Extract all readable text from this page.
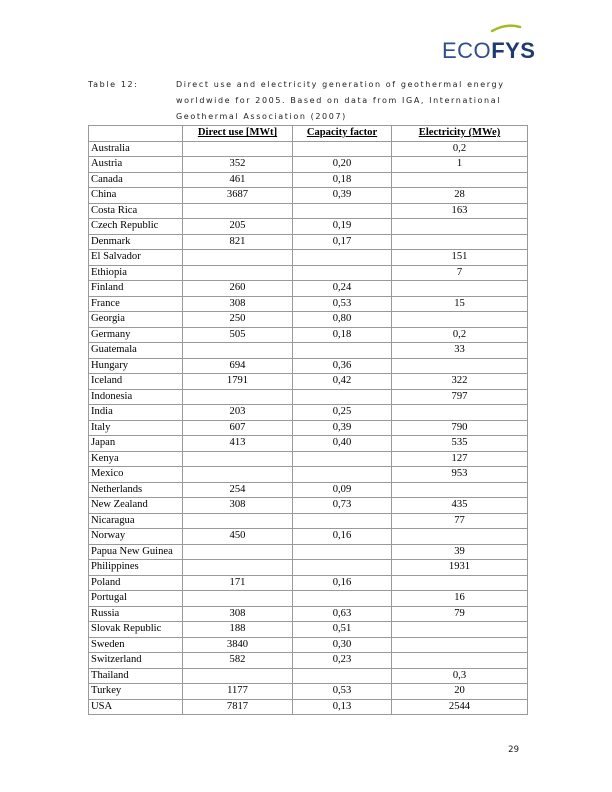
ECOFYS
Table 12:	Direct use and electricity generation of geothermal energy worldwide for 2005. Based on data from IGA, International Geothermal Association (2007)
	Direct use [MWt]	Capacity factor	Electricity (MWe)
Australia			0,2
Austria	352	0,20	1
Canada	461	0,18	
China	3687	0,39	28
Costa Rica			163
Czech Republic	205	0,19	
Denmark	821	0,17	
El Salvador			151
Ethiopia			7
Finland	260	0,24	
France	308	0,53	15
Georgia	250	0,80	
Germany	505	0,18	0,2
Guatemala			33
Hungary	694	0,36	
Iceland	1791	0,42	322
Indonesia			797
India	203	0,25	
Italy	607	0,39	790
Japan	413	0,40	535
Kenya			127
Mexico			953
Netherlands	254	0,09	
New Zealand	308	0,73	435
Nicaragua			77
Norway	450	0,16	
Papua New Guinea			39
Philippines			1931
Poland	171	0,16	
Portugal			16
Russia	308	0,63	79
Slovak Republic	188	0,51	
Sweden	3840	0,30	
Switzerland	582	0,23	
Thailand			0,3
Turkey	1177	0,53	20
USA	7817	0,13	2544
29
